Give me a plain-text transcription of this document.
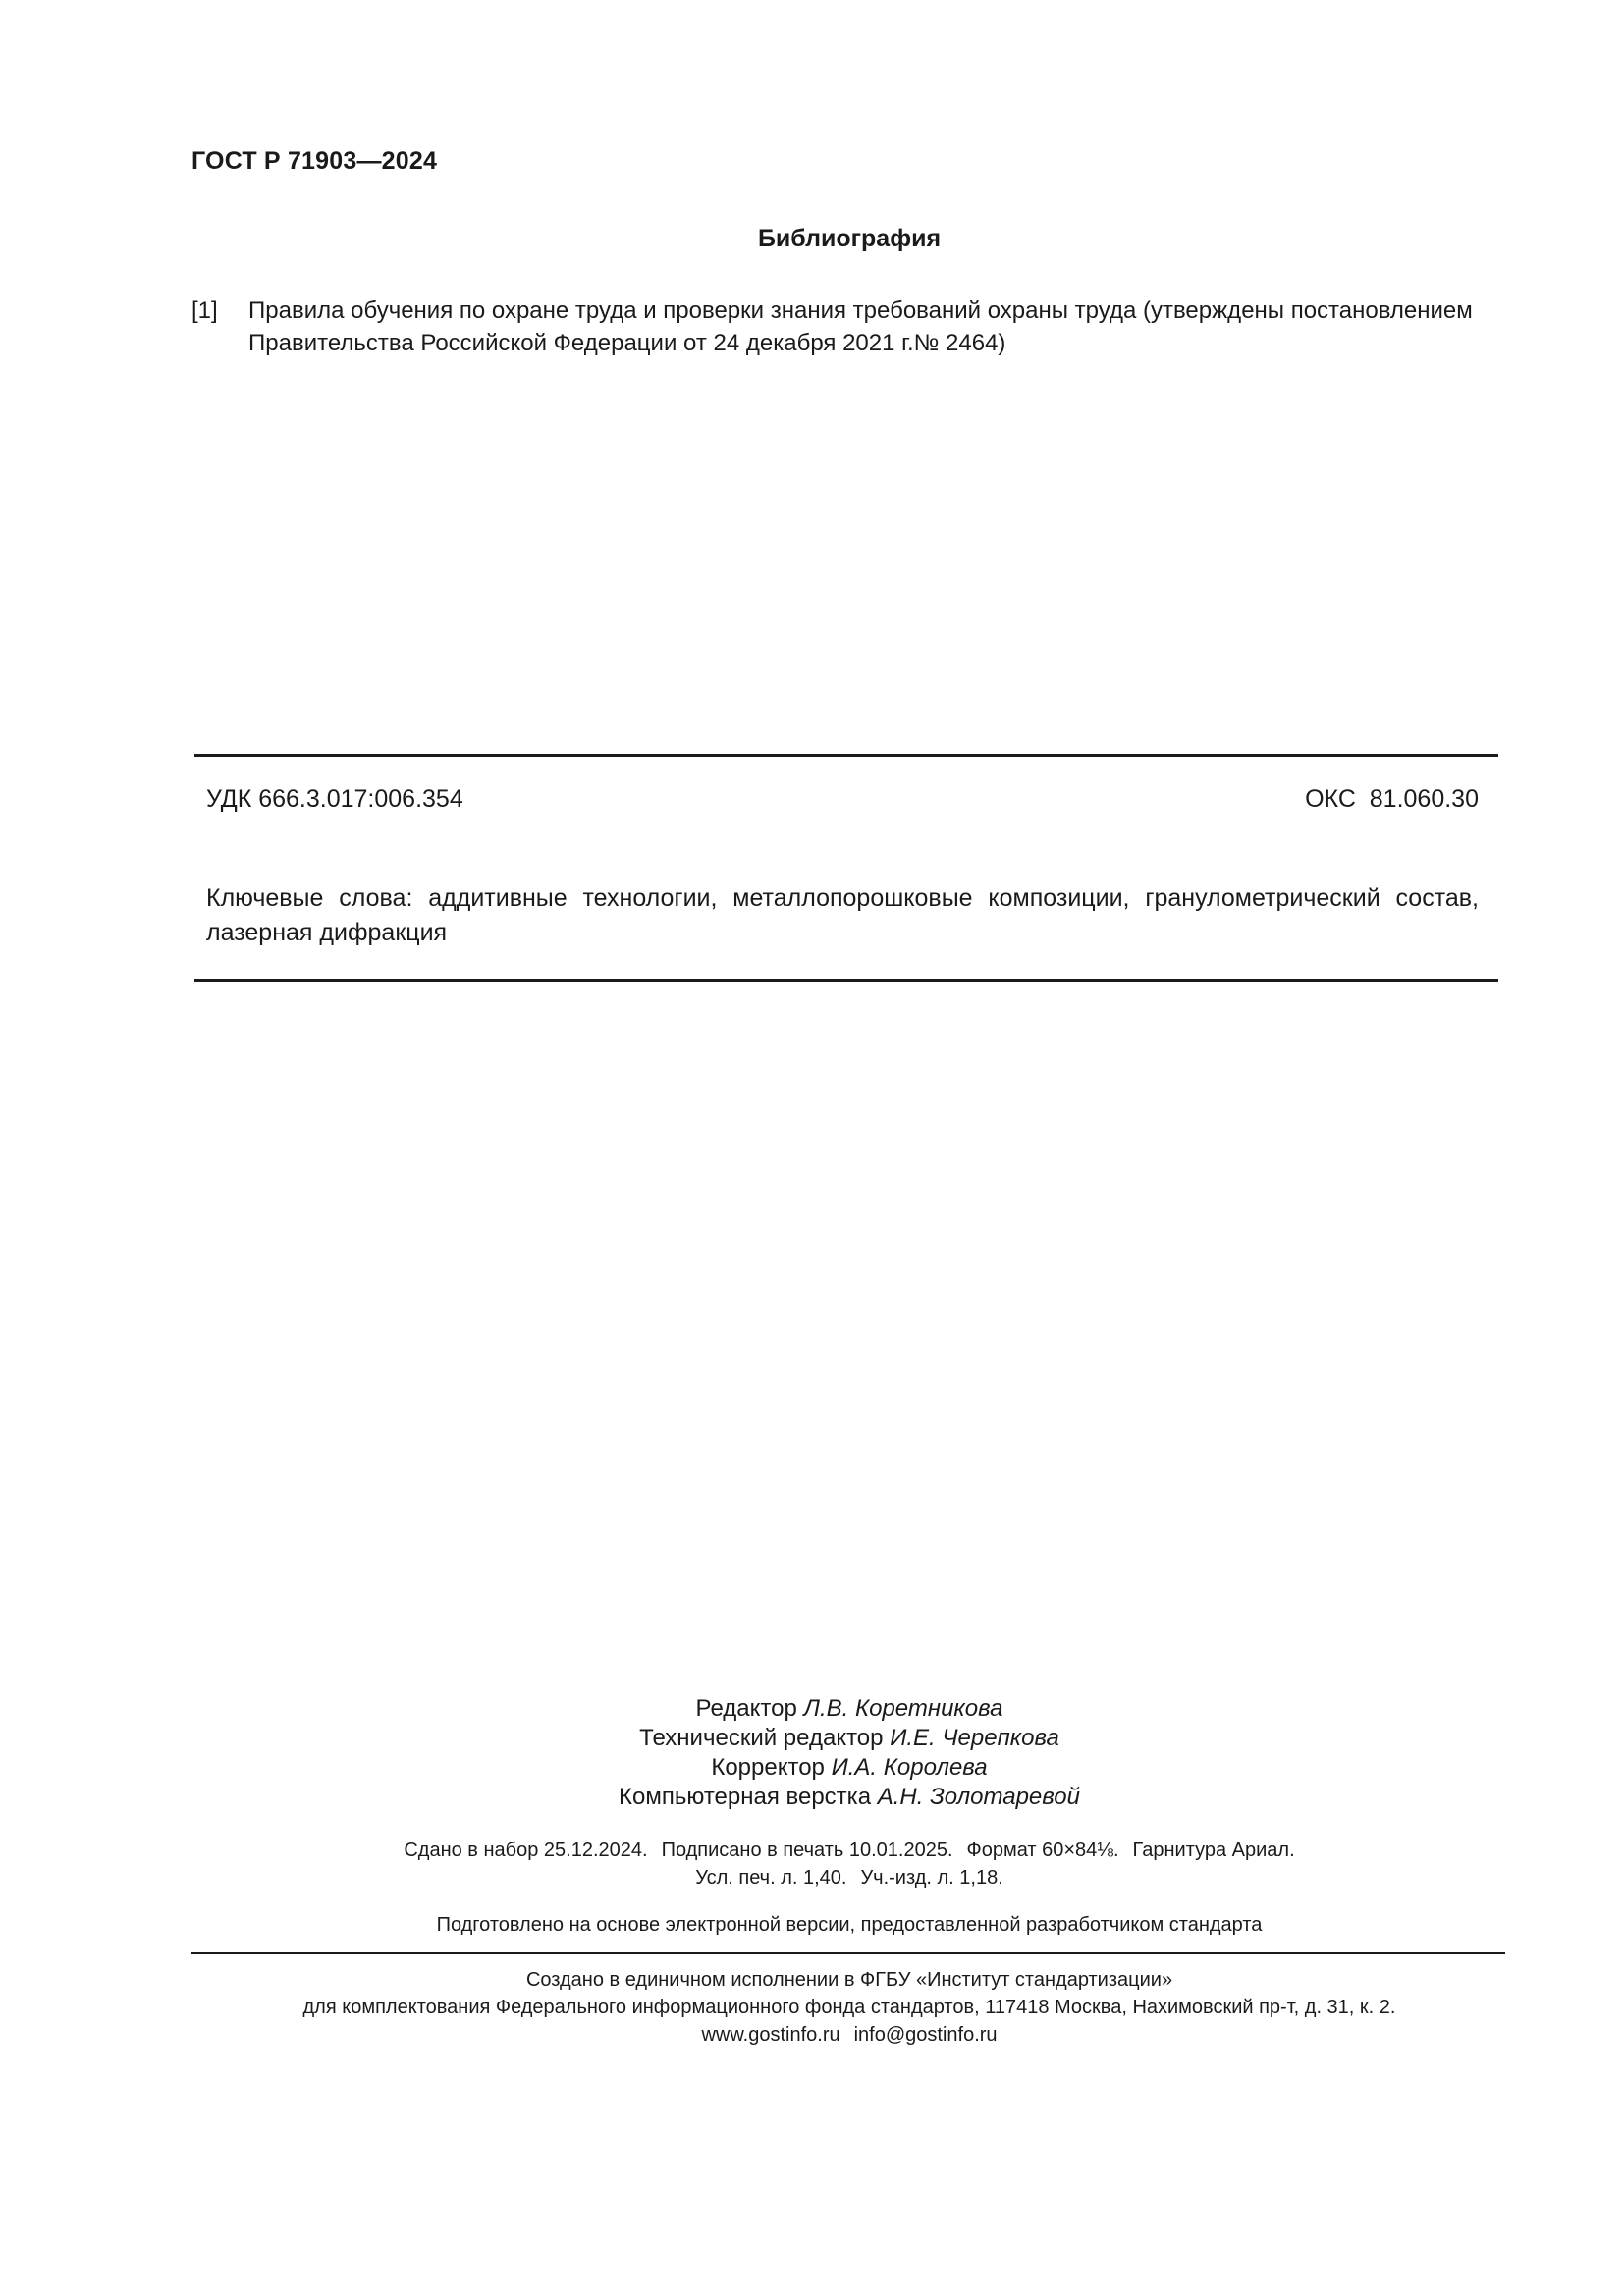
ГОСТ Р 71903—2024
Библиография
[1] Правила обучения по охране труда и проверки знания требований охраны труда (утверждены постановлением Правительства Российской Федерации от 24 декабря 2021 г.№ 2464)
УДК 666.3.017:006.354	ОКС  81.060.30
Ключевые слова: аддитивные технологии, металлопорошковые композиции, гранулометрический состав, лазерная дифракция
Редактор Л.В. Коретникова
Технический редактор И.Е. Черепкова
Корректор И.А. Королева
Компьютерная верстка А.Н. Золотаревой
Сдано в набор 25.12.2024. Подписано в печать 10.01.2025. Формат 60×84⅛. Гарнитура Ариал.
Усл. печ. л. 1,40. Уч.-изд. л. 1,18.
Подготовлено на основе электронной версии, предоставленной разработчиком стандарта
Создано в единичном исполнении в ФГБУ «Институт стандартизации»
для комплектования Федерального информационного фонда стандартов, 117418 Москва, Нахимовский пр-т, д. 31, к. 2.
www.gostinfo.ru info@gostinfo.ru
